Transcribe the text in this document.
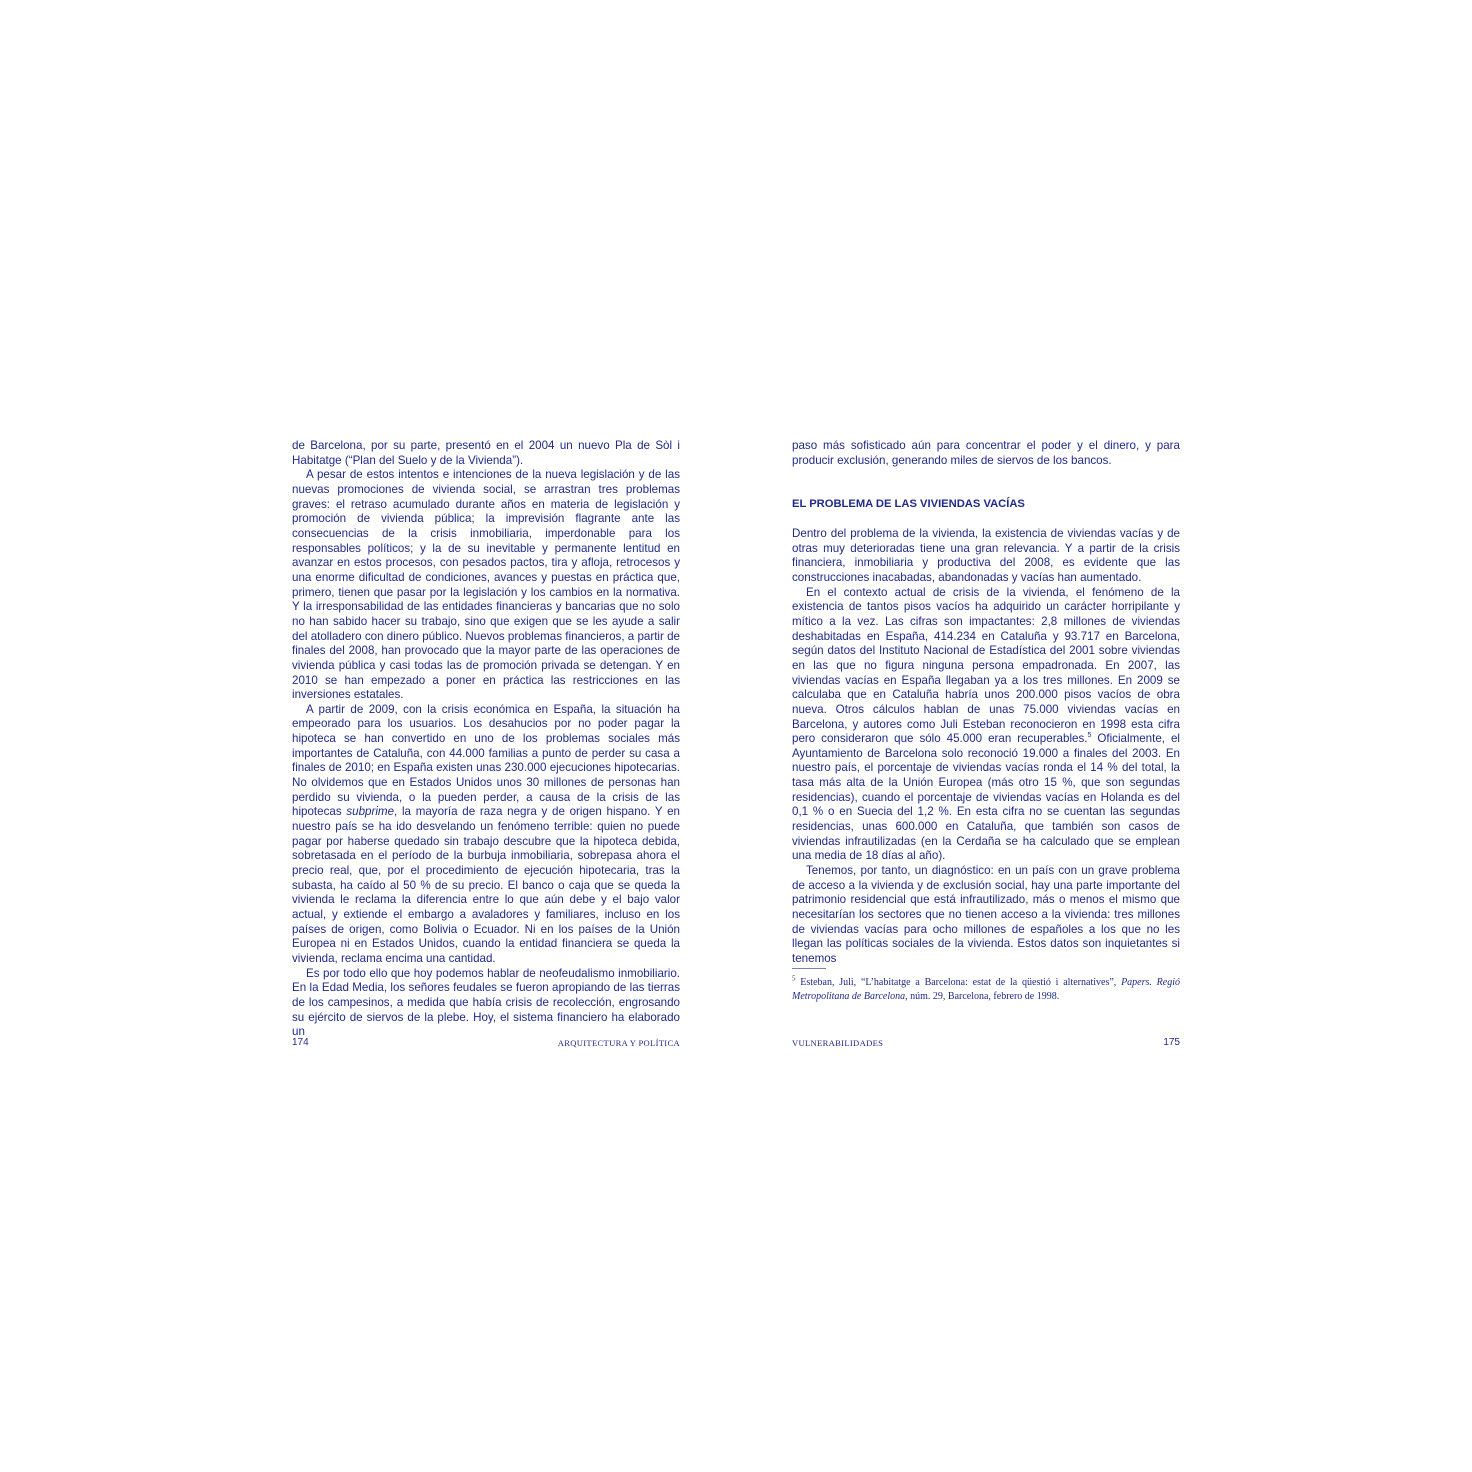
de Barcelona, por su parte, presentó en el 2004 un nuevo Pla de Sòl i Habitatge (“Plan del Suelo y de la Vivienda”).

A pesar de estos intentos e intenciones de la nueva legislación y de las nuevas promociones de vivienda social, se arrastran tres problemas graves: el retraso acumulado durante años en materia de legislación y promoción de vivienda pública; la imprevisión flagrante ante las consecuencias de la crisis inmobiliaria, imperdonable para los responsables políticos; y la de su inevitable y permanente lentitud en avanzar en estos procesos, con pesados pactos, tira y afloja, retrocesos y una enorme dificultad de condiciones, avances y puestas en práctica que, primero, tienen que pasar por la legislación y los cambios en la normativa. Y la irresponsabilidad de las entidades financieras y bancarias que no solo no han sabido hacer su trabajo, sino que exigen que se les ayude a salir del atolladero con dinero público. Nuevos problemas financieros, a partir de finales del 2008, han provocado que la mayor parte de las operaciones de vivienda pública y casi todas las de promoción privada se detengan. Y en 2010 se han empezado a poner en práctica las restricciones en las inversiones estatales.

A partir de 2009, con la crisis económica en España, la situación ha empeorado para los usuarios. Los desahucios por no poder pagar la hipoteca se han convertido en uno de los problemas sociales más importantes de Cataluña, con 44.000 familias a punto de perder su casa a finales de 2010; en España existen unas 230.000 ejecuciones hipotecarias. No olvidemos que en Estados Unidos unos 30 millones de personas han perdido su vivienda, o la pueden perder, a causa de la crisis de las hipotecas subprime, la mayoría de raza negra y de origen hispano. Y en nuestro país se ha ido desvelando un fenómeno terrible: quien no puede pagar por haberse quedado sin trabajo descubre que la hipoteca debida, sobretasada en el período de la burbuja inmobiliaria, sobrepasa ahora el precio real, que, por el procedimiento de ejecución hipotecaria, tras la subasta, ha caído al 50 % de su precio. El banco o caja que se queda la vivienda le reclama la diferencia entre lo que aún debe y el bajo valor actual, y extiende el embargo a avaladores y familiares, incluso en los países de origen, como Bolivia o Ecuador. Ni en los países de la Unión Europea ni en Estados Unidos, cuando la entidad financiera se queda la vivienda, reclama encima una cantidad.

Es por todo ello que hoy podemos hablar de neofeudalismo inmobiliario. En la Edad Media, los señores feudales se fueron apropiando de las tierras de los campesinos, a medida que había crisis de recolección, engrosando su ejército de siervos de la plebe. Hoy, el sistema financiero ha elaborado un

paso más sofisticado aún para concentrar el poder y el dinero, y para producir exclusión, generando miles de siervos de los bancos.

EL PROBLEMA DE LAS VIVIENDAS VACÍAS

Dentro del problema de la vivienda, la existencia de viviendas vacías y de otras muy deterioradas tiene una gran relevancia. Y a partir de la crisis financiera, inmobiliaria y productiva del 2008, es evidente que las construcciones inacabadas, abandonadas y vacías han aumentado.

En el contexto actual de crisis de la vivienda, el fenómeno de la existencia de tantos pisos vacíos ha adquirido un carácter horripilante y mítico a la vez. Las cifras son impactantes: 2,8 millones de viviendas deshabitadas en España, 414.234 en Cataluña y 93.717 en Barcelona, según datos del Instituto Nacional de Estadística del 2001 sobre viviendas en las que no figura ninguna persona empadronada. En 2007, las viviendas vacías en España llegaban ya a los tres millones. En 2009 se calculaba que en Cataluña habría unos 200.000 pisos vacíos de obra nueva. Otros cálculos hablan de unas 75.000 viviendas vacías en Barcelona, y autores como Juli Esteban reconocieron en 1998 esta cifra pero consideraron que sólo 45.000 eran recuperables.$^5$ Oficialmente, el Ayuntamiento de Barcelona solo reconoció 19.000 a finales del 2003. En nuestro país, el porcentaje de viviendas vacías ronda el 14 % del total, la tasa más alta de la Unión Europea (más otro 15 %, que son segundas residencias), cuando el porcentaje de viviendas vacías en Holanda es del 0,1 % o en Suecia del 1,2 %. En esta cifra no se cuentan las segundas residencias, unas 600.000 en Cataluña, que también son casos de viviendas infrautilizadas (en la Cerdaña se ha calculado que se emplean una media de 18 días al año).

Tenemos, por tanto, un diagnóstico: en un país con un grave problema de acceso a la vivienda y de exclusión social, hay una parte importante del patrimonio residencial que está infrautilizado, más o menos el mismo que necesitarían los sectores que no tienen acceso a la vivienda: tres millones de viviendas vacías para ocho millones de españoles a los que no les llegan las políticas sociales de la vivienda. Estos datos son inquietantes si tenemos

$^5$ Esteban, Juli, “L’habitatge a Barcelona: estat de la qüestió i alternatives”, Papers. Regió Metropolitana de Barcelona, núm. 29, Barcelona, febrero de 1998.
174	ARQUITECTURA Y POLÍTICA	VULNERABILIDADES	175
